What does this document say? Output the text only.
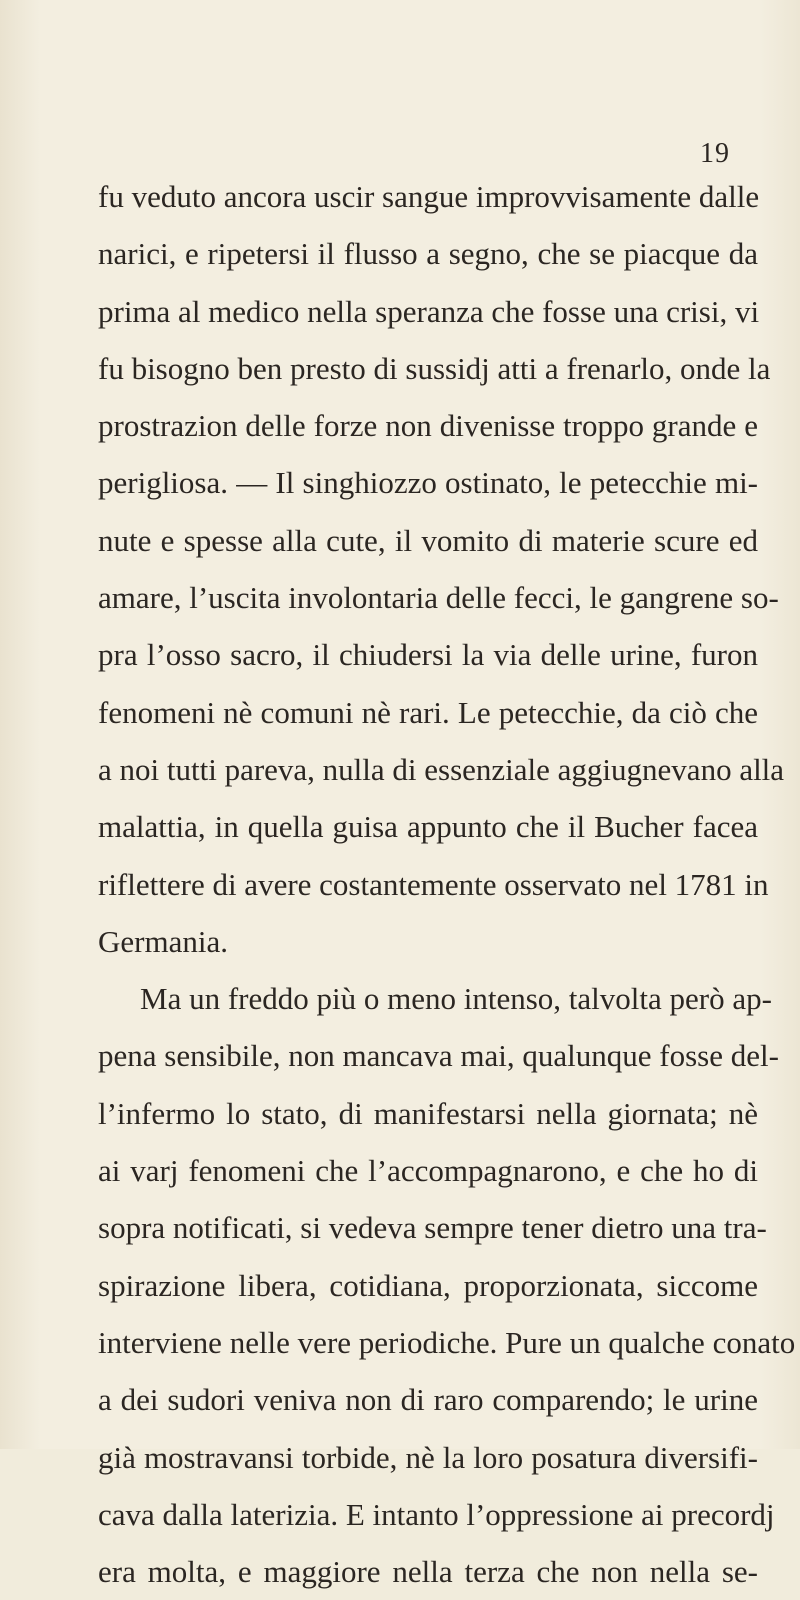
19
fu veduto ancora uscir sangue improvvisamente dalle
narici, e ripetersi il flusso a segno, che se piacque da
prima al medico nella speranza che fosse una crisi, vi
fu bisogno ben presto di sussidj atti a frenarlo, onde la
prostrazion delle forze non divenisse troppo grande e
perigliosa. — Il singhiozzo ostinato, le petecchie mi-
nute e spesse alla cute, il vomito di materie scure ed
amare, l’uscita involontaria delle fecci, le gangrene so-
pra l’osso sacro, il chiudersi la via delle urine, furon
fenomeni nè comuni nè rari. Le petecchie, da ciò che
a noi tutti pareva, nulla di essenziale aggiugnevano alla
malattia, in quella guisa appunto che il Bucher facea
riflettere di avere costantemente osservato nel 1781 in
Germania.
Ma un freddo più o meno intenso, talvolta però ap-
pena sensibile, non mancava mai, qualunque fosse del-
l’infermo lo stato, di manifestarsi nella giornata; nè
ai varj fenomeni che l’accompagnarono, e che ho di
sopra notificati, si vedeva sempre tener dietro una tra-
spirazione libera, cotidiana, proporzionata, siccome
interviene nelle vere periodiche. Pure un qualche conato
a dei sudori veniva non di raro comparendo; le urine
già mostravansi torbide, nè la loro posatura diversifi-
cava dalla laterizia. E intanto l’oppressione ai precordj
era molta, e maggiore nella terza che non nella se-
